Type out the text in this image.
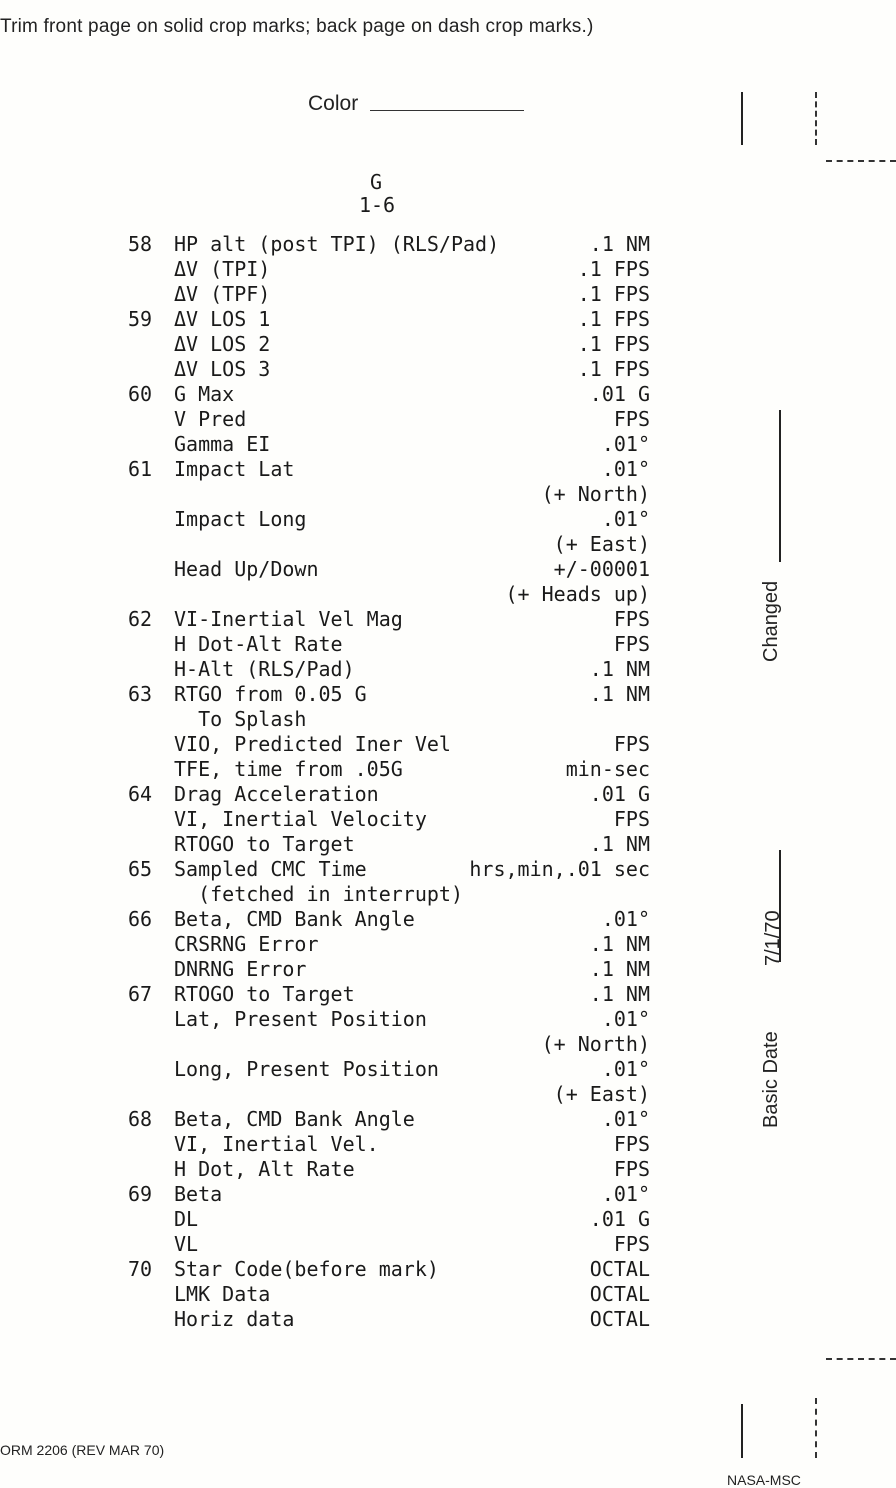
Trim front page on solid crop marks; back page on dash crop marks.)
Color
G
1-6
58 HP alt (post TPI) (RLS/Pad)	.1 NM
ΔV (TPI)	.1 FPS
ΔV (TPF)	.1 FPS
59 ΔV LOS 1	.1 FPS
ΔV LOS 2	.1 FPS
ΔV LOS 3	.1 FPS
60 G Max	.01 G
V Pred	FPS
Gamma EI	.01°
61 Impact Lat	.01°
(+ North)
Impact Long	.01°
(+ East)
Head Up/Down	+/-00001
(+ Heads up)
62 VI-Inertial Vel Mag	FPS
H Dot-Alt Rate	FPS
H-Alt (RLS/Pad)	.1 NM
63 RTGO from 0.05 G	.1 NM
To Splash
VIO, Predicted Iner Vel	FPS
TFE, time from .05G	min-sec
64 Drag Acceleration	.01 G
VI, Inertial Velocity	FPS
RTOGO to Target	.1 NM
65 Sampled CMC Time	hrs,min,.01 sec
(fetched in interrupt)
66 Beta, CMD Bank Angle	.01°
CRSRNG Error	.1 NM
DNRNG Error	.1 NM
67 RTOGO to Target	.1 NM
Lat, Present Position	.01°
(+ North)
Long, Present Position	.01°
(+ East)
68 Beta, CMD Bank Angle	.01°
VI, Inertial Vel.	FPS
H Dot, Alt Rate	FPS
69 Beta	.01°
DL	.01 G
VL	FPS
70 Star Code(before mark)	OCTAL
LMK Data	OCTAL
Horiz data	OCTAL
Changed
7/1/70
Basic Date
ORM 2206 (REV MAR 70)
NASA-MSC
